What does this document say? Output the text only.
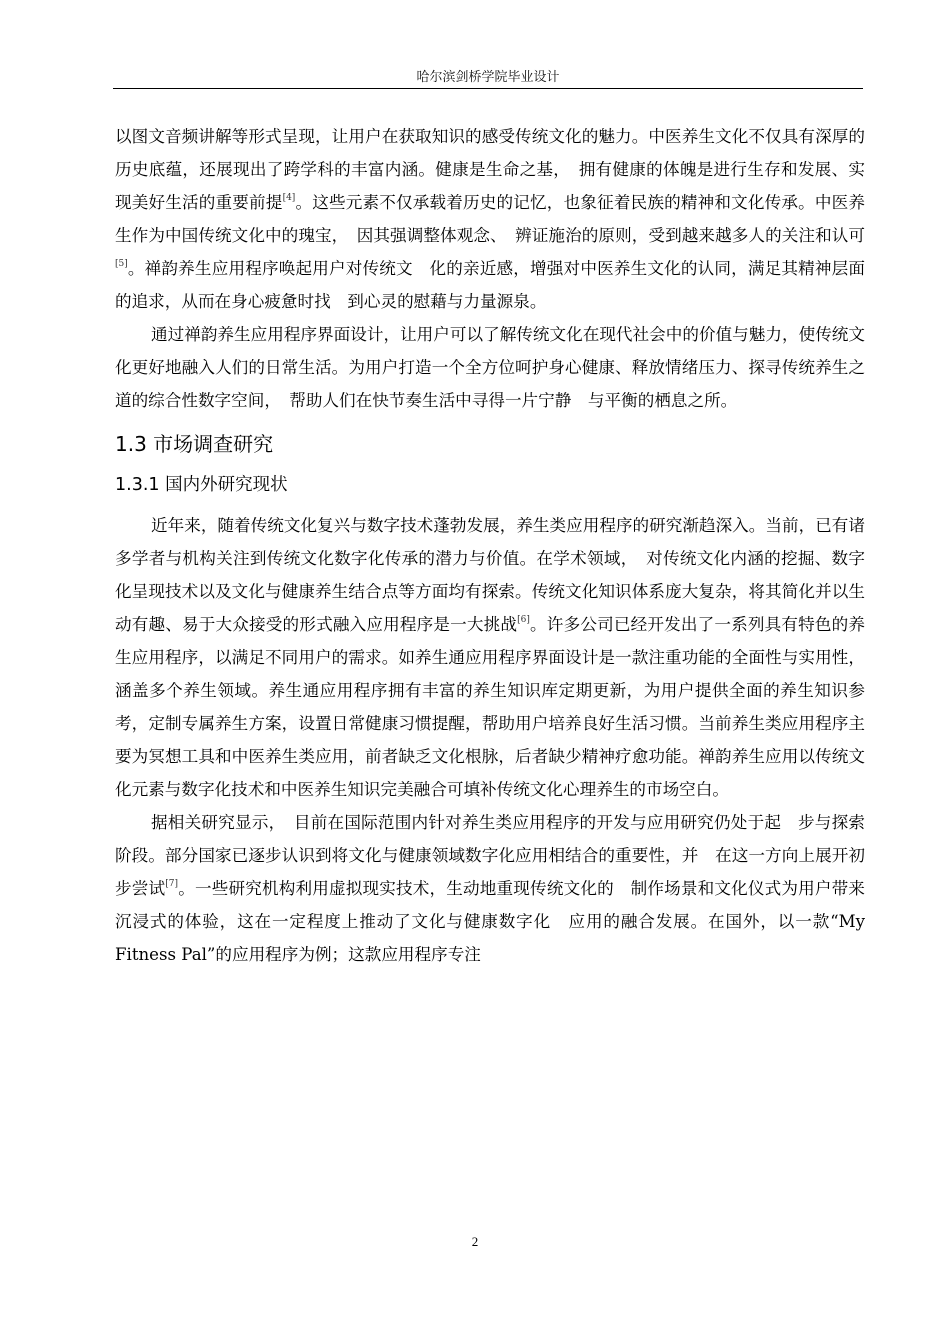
哈尔滨剑桥学院毕业设计

以图文音频讲解等形式呈现，让用户在获取知识的感受传统文化的魅力。中医养生文化不仅具有深厚的历史底蕴，还展现出了跨学科的丰富内涵。健康是生命之基，　拥有健康的体魄是进行生存和发展、实现美好生活的重要前提[4]。这些元素不仅承载着历史的记忆，也象征着民族的精神和文化传承。中医养生作为中国传统文化中的瑰宝，　因其强调整体观念、　辨证施治的原则，受到越来越多人的关注和认可[5]。禅韵养生应用程序唤起用户对传统文　化的亲近感，增强对中医养生文化的认同，满足其精神层面的追求，从而在身心疲惫时找　到心灵的慰藉与力量源泉。

通过禅韵养生应用程序界面设计，让用户可以了解传统文化在现代社会中的价值与魅力，使传统文化更好地融入人们的日常生活。为用户打造一个全方位呵护身心健康、释放情绪压力、探寻传统养生之道的综合性数字空间，　帮助人们在快节奏生活中寻得一片宁静　与平衡的栖息之所。

1.3 市场调查研究
1.3.1 国内外研究现状

近年来，随着传统文化复兴与数字技术蓬勃发展，养生类应用程序的研究渐趋深入。当前，已有诸多学者与机构关注到传统文化数字化传承的潜力与价值。在学术领域，　对传统文化内涵的挖掘、数字化呈现技术以及文化与健康养生结合点等方面均有探索。传统文化知识体系庞大复杂，将其简化并以生动有趣、易于大众接受的形式融入应用程序是一大挑战[6]。许多公司已经开发出了一系列具有特色的养生应用程序，以满足不同用户的需求。如养生通应用程序界面设计是一款注重功能的全面性与实用性，涵盖多个养生领域。养生通应用程序拥有丰富的养生知识库定期更新，为用户提供全面的养生知识参考，定制专属养生方案，设置日常健康习惯提醒，帮助用户培养良好生活习惯。当前养生类应用程序主要为冥想工具和中医养生类应用，前者缺乏文化根脉，后者缺少精神疗愈功能。禅韵养生应用以传统文化元素与数字化技术和中医养生知识完美融合可填补传统文化心理养生的市场空白。

据相关研究显示，　目前在国际范围内针对养生类应用程序的开发与应用研究仍处于起　步与探索阶段。部分国家已逐步认识到将文化与健康领域数字化应用相结合的重要性，并　在这一方向上展开初步尝试[7]。一些研究机构利用虚拟现实技术，生动地重现传统文化的　制作场景和文化仪式为用户带来沉浸式的体验，这在一定程度上推动了文化与健康数字化　应用的融合发展。在国外，以一款“My Fitness Pal”的应用程序为例；这款应用程序专注

2
